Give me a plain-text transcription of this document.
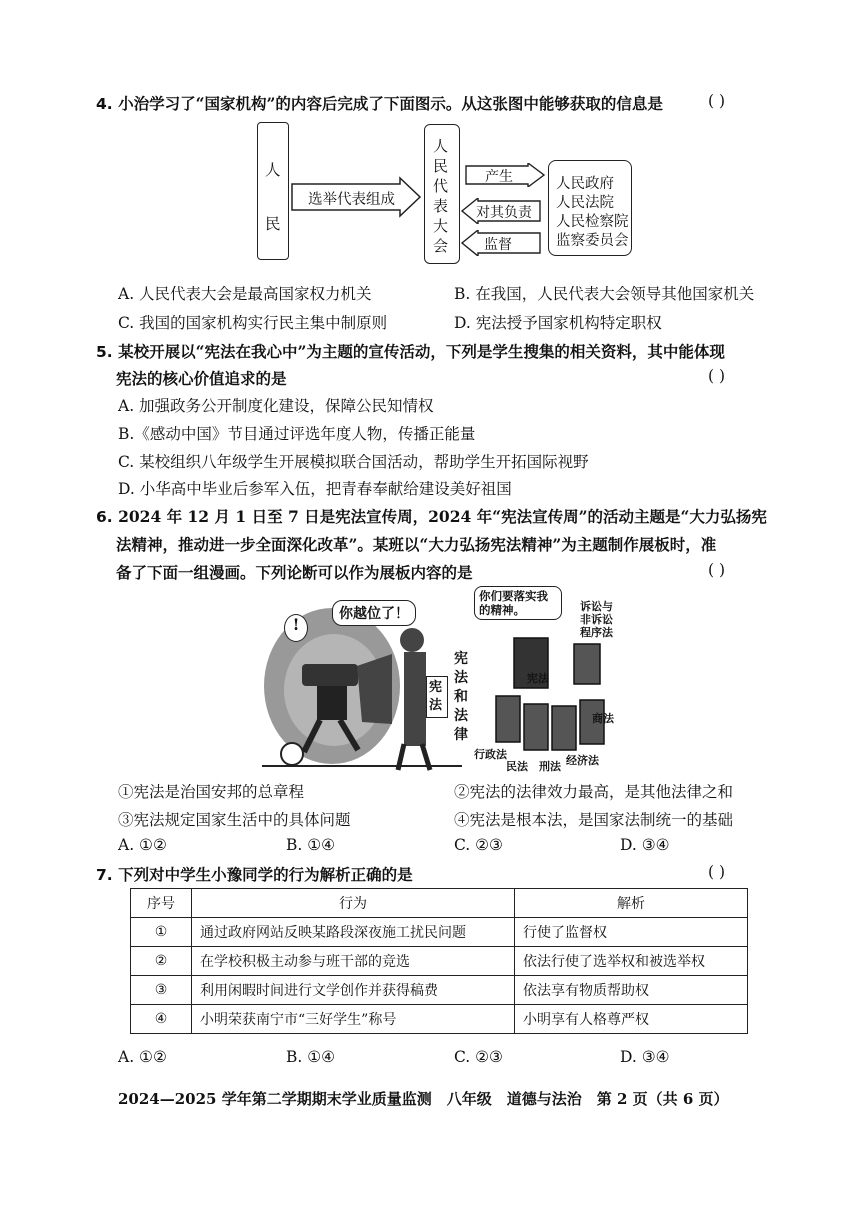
4. 小治学习了“国家机构”的内容后完成了下面图示。从这张图中能够获取的信息是	( )
人
民
选举代表组成
人民代表大会
产生
对其负责
监督
人民政府
人民法院
人民检察院
监察委员会
A. 人民代表大会是最高国家权力机关	B. 在我国，人民代表大会领导其他国家机关
C. 我国的国家机构实行民主集中制原则	D. 宪法授予国家机构特定职权
5. 某校开展以“宪法在我心中”为主题的宣传活动，下列是学生搜集的相关资料，其中能体现
宪法的核心价值追求的是	( )
A. 加强政务公开制度化建设，保障公民知情权
B.《感动中国》节目通过评选年度人物，传播正能量
C. 某校组织八年级学生开展模拟联合国活动，帮助学生开拓国际视野
D. 小华高中毕业后参军入伍，把青春奉献给建设美好祖国
6. 2024 年 12 月 1 日至 7 日是宪法宣传周，2024 年“宪法宣传周”的活动主题是“大力弘扬宪
法精神，推动进一步全面深化改革”。某班以“大力弘扬宪法精神”为主题制作展板时，准
备了下面一组漫画。下列论断可以作为展板内容的是	( )
!
你越位了！
宪法
宪法和法律
你们要落实我的精神。
宪法
诉讼与非诉讼程序法
商法
经济法
刑法
民法
行政法
①宪法是治国安邦的总章程	②宪法的法律效力最高，是其他法律之和
③宪法规定国家生活中的具体问题	④宪法是根本法，是国家法制统一的基础
A. ①②	B. ①④	C. ②③	D. ③④
7. 下列对中学生小豫同学的行为解析正确的是	( )
序号	行为	解析
①	通过政府网站反映某路段深夜施工扰民问题	行使了监督权
②	在学校积极主动参与班干部的竞选	依法行使了选举权和被选举权
③	利用闲暇时间进行文学创作并获得稿费	依法享有物质帮助权
④	小明荣获南宁市“三好学生”称号	小明享有人格尊严权
A. ①②	B. ①④	C. ②③	D. ③④
2024—2025 学年第二学期期末学业质量监测　八年级　道德与法治　第 2 页（共 6 页）
